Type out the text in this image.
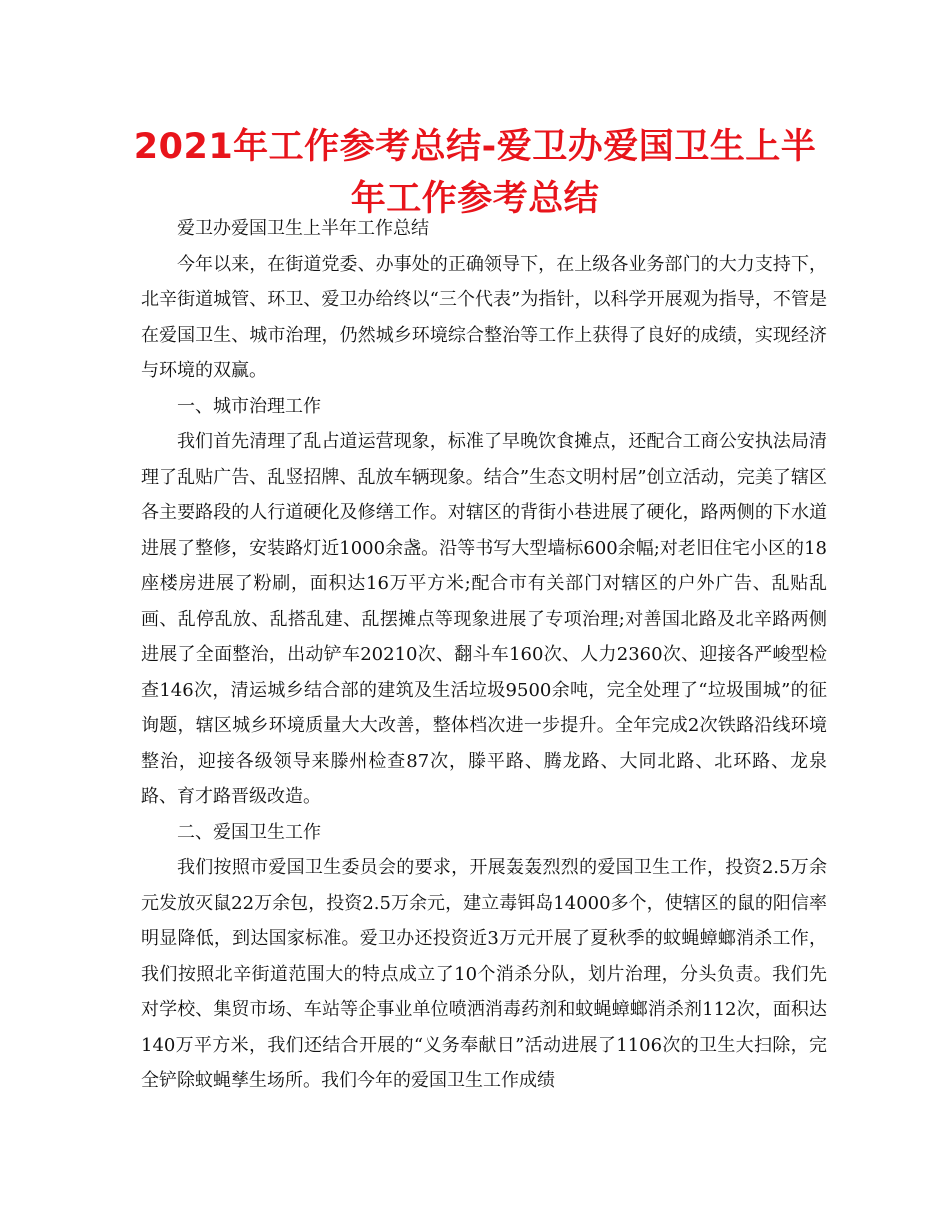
2021年工作参考总结-爱卫办爱国卫生上半年工作参考总结

爱卫办爱国卫生上半年工作总结

今年以来，在街道党委、办事处的正确领导下，在上级各业务部门的大力支持下，北辛街道城管、环卫、爱卫办给终以“三个代表”为指针，以科学开展观为指导，不管是在爱国卫生、城市治理，仍然城乡环境综合整治等工作上获得了良好的成绩，实现经济与环境的双赢。

一、城市治理工作

我们首先清理了乱占道运营现象，标准了早晚饮食摊点，还配合工商公安执法局清理了乱贴广告、乱竖招牌、乱放车辆现象。结合”生态文明村居”创立活动，完美了辖区各主要路段的人行道硬化及修缮工作。对辖区的背街小巷进展了硬化，路两侧的下水道进展了整修，安装路灯近1000余盏。沿等书写大型墙标600余幅;对老旧住宅小区的18座楼房进展了粉刷，面积达16万平方米;配合市有关部门对辖区的户外广告、乱贴乱画、乱停乱放、乱搭乱建、乱摆摊点等现象进展了专项治理;对善国北路及北辛路两侧进展了全面整治，出动铲车20210次、翻斗车160次、人力2360次、迎接各严峻型检查146次，清运城乡结合部的建筑及生活垃圾9500余吨，完全处理了“垃圾围城”的征询题，辖区城乡环境质量大大改善，整体档次进一步提升。全年完成2次铁路沿线环境整治，迎接各级领导来滕州检查87次，滕平路、腾龙路、大同北路、北环路、龙泉路、育才路晋级改造。

二、爱国卫生工作

我们按照市爱国卫生委员会的要求，开展轰轰烈烈的爱国卫生工作，投资2.5万余元发放灭鼠22万余包，投资2.5万余元，建立毒铒岛14000多个，使辖区的鼠的阳信率明显降低，到达国家标准。爱卫办还投资近3万元开展了夏秋季的蚊蝇蟑螂消杀工作，我们按照北辛街道范围大的特点成立了10个消杀分队，划片治理，分头负责。我们先对学校、集贸市场、车站等企事业单位喷洒消毒药剂和蚊蝇蟑螂消杀剂112次，面积达140万平方米，我们还结合开展的“义务奉献日”活动进展了1106次的卫生大扫除，完全铲除蚊蝇孳生场所。我们今年的爱国卫生工作成绩
